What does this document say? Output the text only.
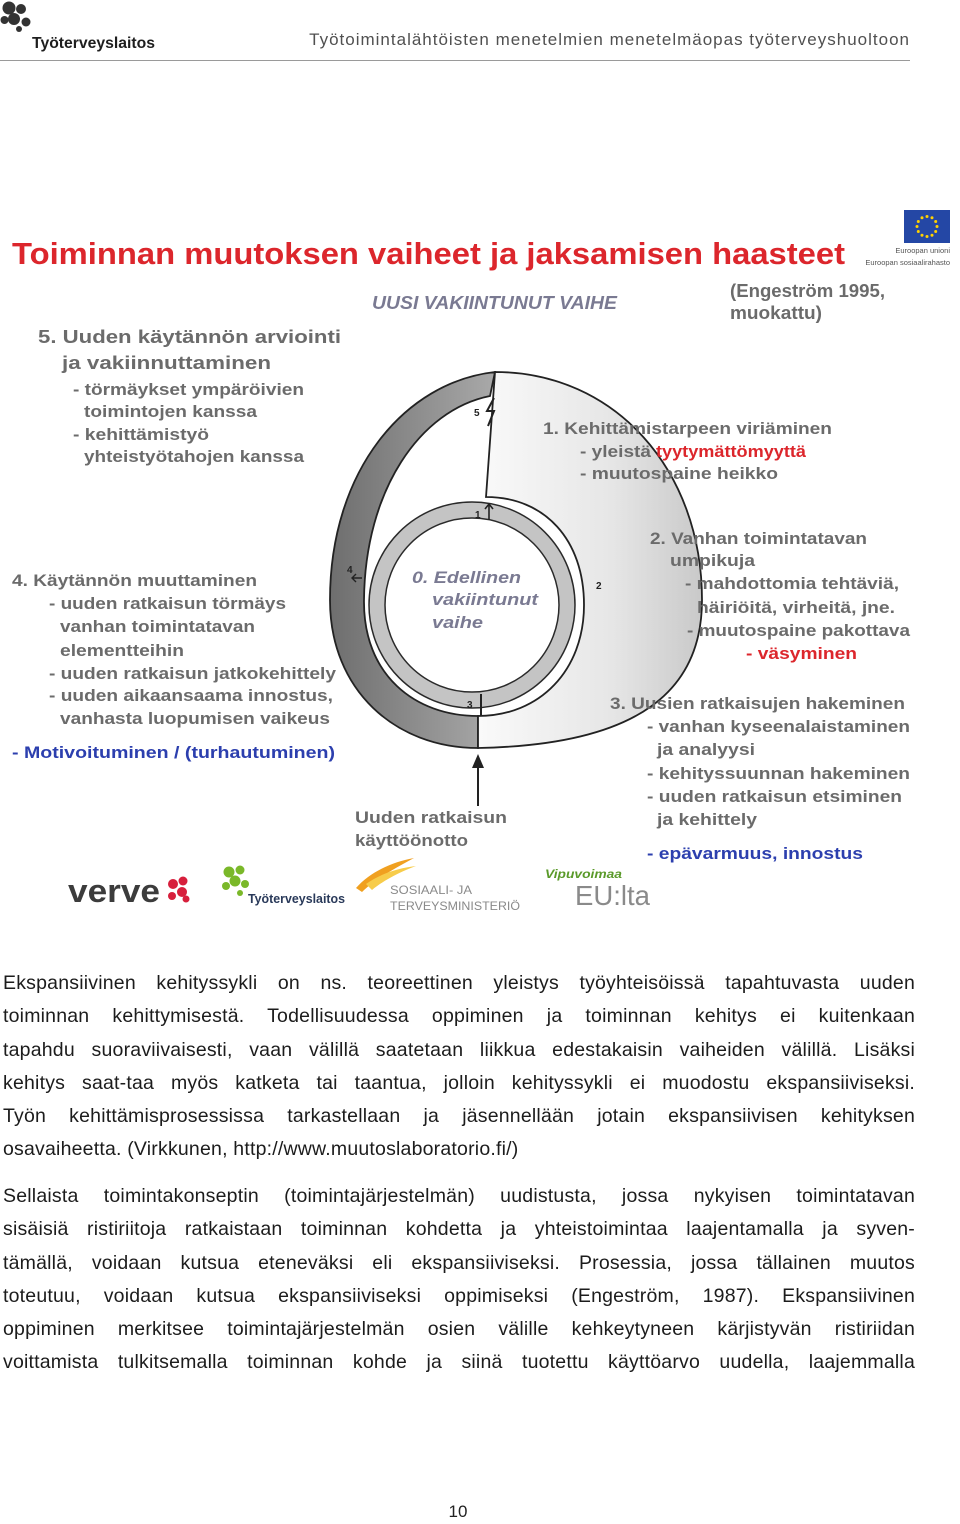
Työterveyslaitos	Työtoimintalähtöisten menetelmien menetelmäopas työterveyshuoltoon
Toiminnan muutoksen vaiheet ja jaksamisen haasteet	Euroopan unioni
Euroopan sosiaalirahasto
UUSI VAKIINTUNUT VAIHE
(Engeström 1995,
muokattu)
5
1
2
3
4	0. Edellinen
vakiintunut
vaihe
5. Uuden käytännön arviointi
ja vakiinnuttaminen
- törmäykset ympäröivien
toimintojen kanssa
- kehittämistyö
yhteistyötahojen kanssa
1. Kehittämistarpeen viriäminen
- yleistä tyytymättömyyttä
- muutospaine heikko
2. Vanhan toimintatavan
umpikuja
- mahdottomia tehtäviä,
häiriöitä, virheitä, jne.
- muutospaine pakottava
- väsyminen
4. Käytännön muuttaminen
- uuden ratkaisun törmäys
vanhan toimintatavan
elementteihin
- uuden ratkaisun jatkokehittely
- uuden aikaansaama innostus,
vanhasta luopumisen vaikeus
- Motivoituminen / (turhautuminen)
3. Uusien ratkaisujen hakeminen
- vanhan kyseenalaistaminen
ja analyysi
- kehityssuunnan hakeminen
- uuden ratkaisun etsiminen
ja kehittely
- epävarmuus, innostus
Uuden ratkaisun
käyttöönotto
verve	Työterveyslaitos
SOSIAALI- JA
TERVEYSMINISTERIÖ
Vipuvoimaa
EU:lta
Ekspansiivinen kehityssykli on ns. teoreettinen yleistys työyhteisöissä tapahtuvasta uuden
toiminnan kehittymisestä. Todellisuudessa oppiminen ja toiminnan kehitys ei kuitenkaan
tapahdu suoraviivaisesti, vaan välillä saatetaan liikkua edestakaisin vaiheiden välillä. Lisäksi
kehitys saat-taa myös katketa tai taantua, jolloin kehityssykli ei muodostu ekspansiiviseksi.
Työn kehittämisprosessissa tarkastellaan ja jäsennellään jotain ekspansiivisen kehityksen
osavaiheetta. (Virkkunen, http://www.muutoslaboratorio.fi/)
Sellaista toimintakonseptin (toimintajärjestelmän) uudistusta, jossa nykyisen toimintatavan
sisäisiä ristiriitoja ratkaistaan toiminnan kohdetta ja yhteistoimintaa laajentamalla ja syven-
tämällä, voidaan kutsua eteneväksi eli ekspansiiviseksi. Prosessia, jossa tällainen muutos
toteutuu, voidaan kutsua ekspansiiviseksi oppimiseksi (Engeström, 1987). Ekspansiivinen
oppiminen merkitsee toimintajärjestelmän osien välille kehkeytyneen kärjistyvän ristiriidan
voittamista tulkitsemalla toiminnan kohde ja siinä tuotettu käyttöarvo uudella, laajemmalla
10
